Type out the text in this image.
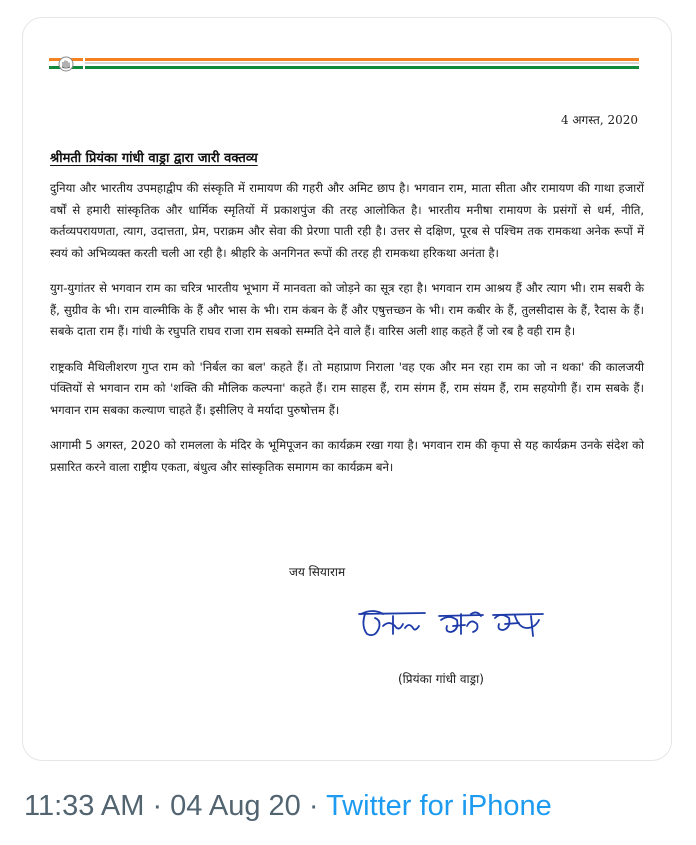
4 अगस्त, 2020
श्रीमती प्रियंका गांधी वाड्रा द्वारा जारी वक्तव्य

दुनिया और भारतीय उपमहाद्वीप की संस्कृति में रामायण की गहरी और अमिट छाप है। भगवान राम, माता सीता और रामायण की गाथा हजारों वर्षों से हमारी सांस्कृतिक और धार्मिक स्मृतियों में प्रकाशपुंज की तरह आलोकित है। भारतीय मनीषा रामायण के प्रसंगों से धर्म, नीति, कर्तव्यपरायणता, त्याग, उदात्तता, प्रेम, पराक्रम और सेवा की प्रेरणा पाती रही है। उत्तर से दक्षिण, पूरब से पश्चिम तक रामकथा अनेक रूपों में स्वयं को अभिव्यक्त करती चली आ रही है। श्रीहरि के अनगिनत रूपों की तरह ही रामकथा हरिकथा अनंता है।

युग-युगांतर से भगवान राम का चरित्र भारतीय भूभाग में मानवता को जोड़ने का सूत्र रहा है। भगवान राम आश्रय हैं और त्याग भी। राम सबरी के हैं, सुग्रीव के भी। राम वाल्मीकि के हैं और भास के भी। राम कंबन के हैं और एषुत्तच्छन के भी। राम कबीर के हैं, तुलसीदास के हैं, रैदास के हैं। सबके दाता राम हैं। गांधी के रघुपति राघव राजा राम सबको सम्मति देने वाले हैं। वारिस अली शाह कहते हैं जो रब है वही राम है।

राष्ट्रकवि मैथिलीशरण गुप्त राम को 'निर्बल का बल' कहते हैं। तो महाप्राण निराला 'वह एक और मन रहा राम का जो न थका' की कालजयी पंक्तियों से भगवान राम को 'शक्ति की मौलिक कल्पना' कहते हैं। राम साहस हैं, राम संगम हैं, राम संयम हैं, राम सहयोगी हैं। राम सबके हैं। भगवान राम सबका कल्याण चाहते हैं। इसीलिए वे मर्यादा पुरुषोत्तम हैं।

आगामी 5 अगस्त, 2020 को रामलला के मंदिर के भूमिपूजन का कार्यक्रम रखा गया है। भगवान राम की कृपा से यह कार्यक्रम उनके संदेश को प्रसारित करने वाला राष्ट्रीय एकता, बंधुत्व और सांस्कृतिक समागम का कार्यक्रम बने।

जय सियाराम
(प्रियंका गांधी वाड्रा)
11:33 AM · 04 Aug 20 · Twitter for iPhone
